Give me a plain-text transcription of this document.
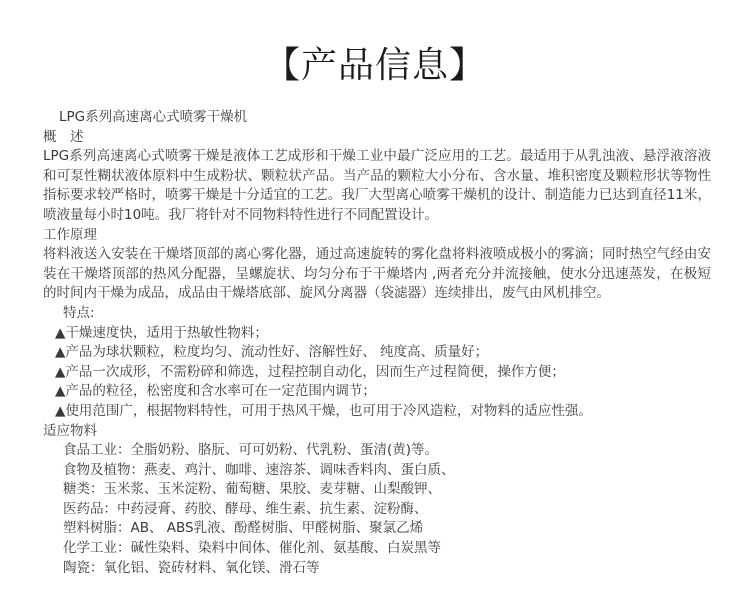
【产品信息】
LPG系列高速离心式喷雾干燥机
概　述
LPG系列高速离心式喷雾干燥是液体工艺成形和干燥工业中最广泛应用的工艺。最适用于从乳浊液、悬浮液溶液和可泵性糊状液体原料中生成粉状、颗粒状产品。当产品的颗粒大小分布、含水量、堆积密度及颗粒形状等物性指标要求较严格时，喷雾干燥是十分适宜的工艺。我厂大型离心喷雾干燥机的设计、制造能力已达到直径11米，喷液量每小时10吨。我厂将针对不同物料特性进行不同配置设计。
工作原理
将料液送入安装在干燥塔顶部的离心雾化器，通过高速旋转的雾化盘将料液喷成极小的雾滴；同时热空气经由安装在干燥塔顶部的热风分配器，呈螺旋状、均匀分布于干燥塔内 ,两者充分并流接触，使水分迅速蒸发，在极短的时间内干燥为成品，成品由干燥塔底部、旋风分离器（袋滤器）连续排出，废气由风机排空。
特点:
▲干燥速度快，适用于热敏性物料；
▲产品为球状颗粒，粒度均匀、流动性好、溶解性好、 纯度高、质量好；
▲产品一次成形，不需粉碎和筛选，过程控制自动化，因而生产过程简便，操作方便；
▲产品的粒径，松密度和含水率可在一定范围内调节；
▲使用范围广，根据物料特性，可用于热风干燥，也可用于冷风造粒，对物料的适应性强。
适应物料
食品工业：全脂奶粉、胳朊、可可奶粉、代乳粉、蛋清(黄)等。
食物及植物：燕麦、鸡汁、咖啡、速溶茶、调味香料肉、蛋白质、
糖类：玉米浆、玉米淀粉、葡萄糖、果胶、麦芽糖、山梨酸钾、
医药品：中药浸膏、药胶、酵母、维生素、抗生素、淀粉酶、
塑料树脂：AB、 ABS乳液、酚醛树脂、甲醛树脂、聚氯乙烯
化学工业：碱性染料、染料中间体、催化剂、氨基酸、白炭黑等
陶瓷：氧化铝、瓷砖材料、氧化镁、滑石等
